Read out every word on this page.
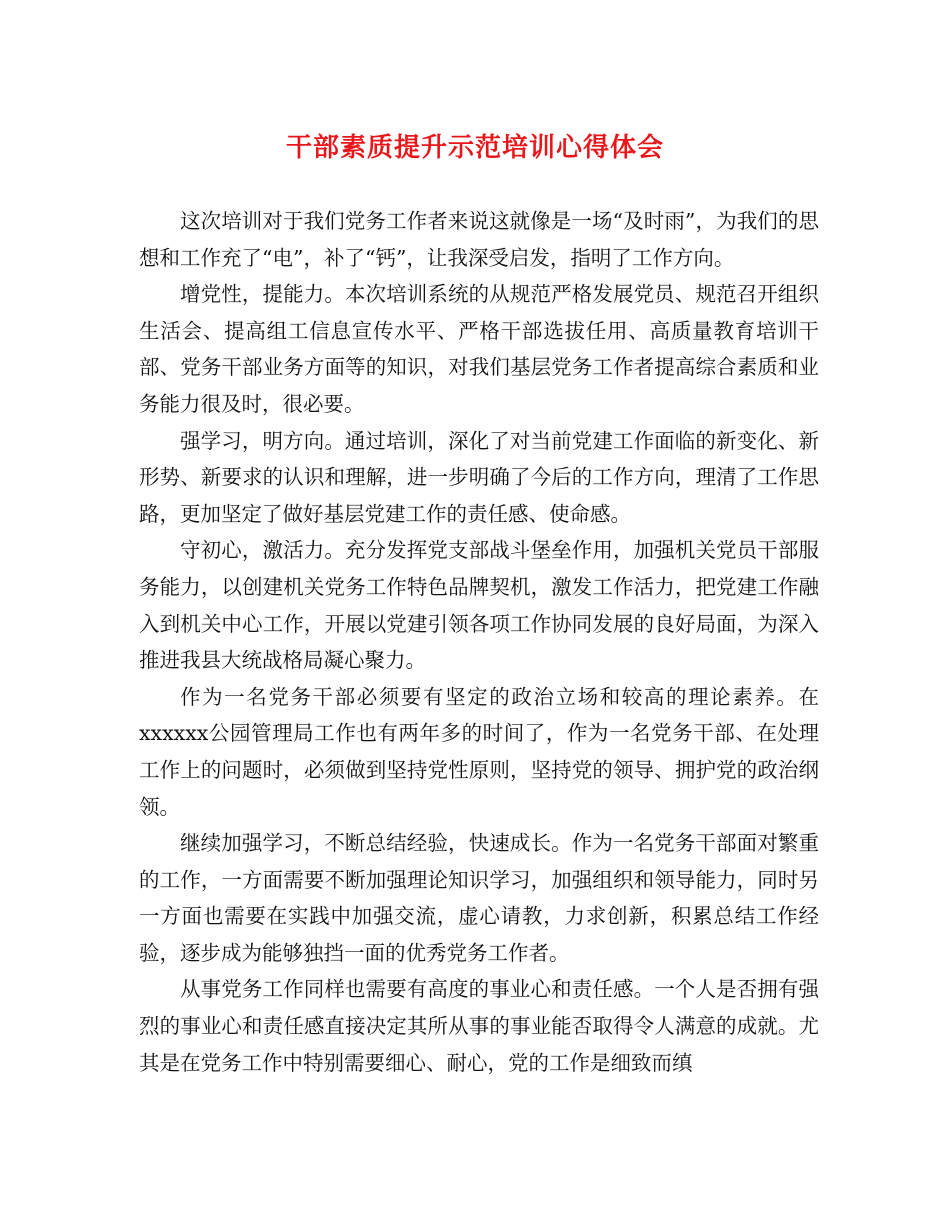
干部素质提升示范培训心得体会

这次培训对于我们党务工作者来说这就像是一场“及时雨”，为我们的思想和工作充了“电”，补了“钙”，让我深受启发，指明了工作方向。

增党性，提能力。本次培训系统的从规范严格发展党员、规范召开组织生活会、提高组工信息宣传水平、严格干部选拔任用、高质量教育培训干部、党务干部业务方面等的知识，对我们基层党务工作者提高综合素质和业务能力很及时，很必要。

强学习，明方向。通过培训，深化了对当前党建工作面临的新变化、新形势、新要求的认识和理解，进一步明确了今后的工作方向，理清了工作思路，更加坚定了做好基层党建工作的责任感、使命感。

守初心，激活力。充分发挥党支部战斗堡垒作用，加强机关党员干部服务能力，以创建机关党务工作特色品牌契机，激发工作活力，把党建工作融入到机关中心工作，开展以党建引领各项工作协同发展的良好局面，为深入推进我县大统战格局凝心聚力。

作为一名党务干部必须要有坚定的政治立场和较高的理论素养。在xxxxxx公园管理局工作也有两年多的时间了，作为一名党务干部、在处理工作上的问题时，必须做到坚持党性原则，坚持党的领导、拥护党的政治纲领。

继续加强学习，不断总结经验，快速成长。作为一名党务干部面对繁重的工作，一方面需要不断加强理论知识学习，加强组织和领导能力，同时另一方面也需要在实践中加强交流，虚心请教，力求创新，积累总结工作经验，逐步成为能够独挡一面的优秀党务工作者。

从事党务工作同样也需要有高度的事业心和责任感。一个人是否拥有强烈的事业心和责任感直接决定其所从事的事业能否取得令人满意的成就。尤其是在党务工作中特别需要细心、耐心，党的工作是细致而缜
